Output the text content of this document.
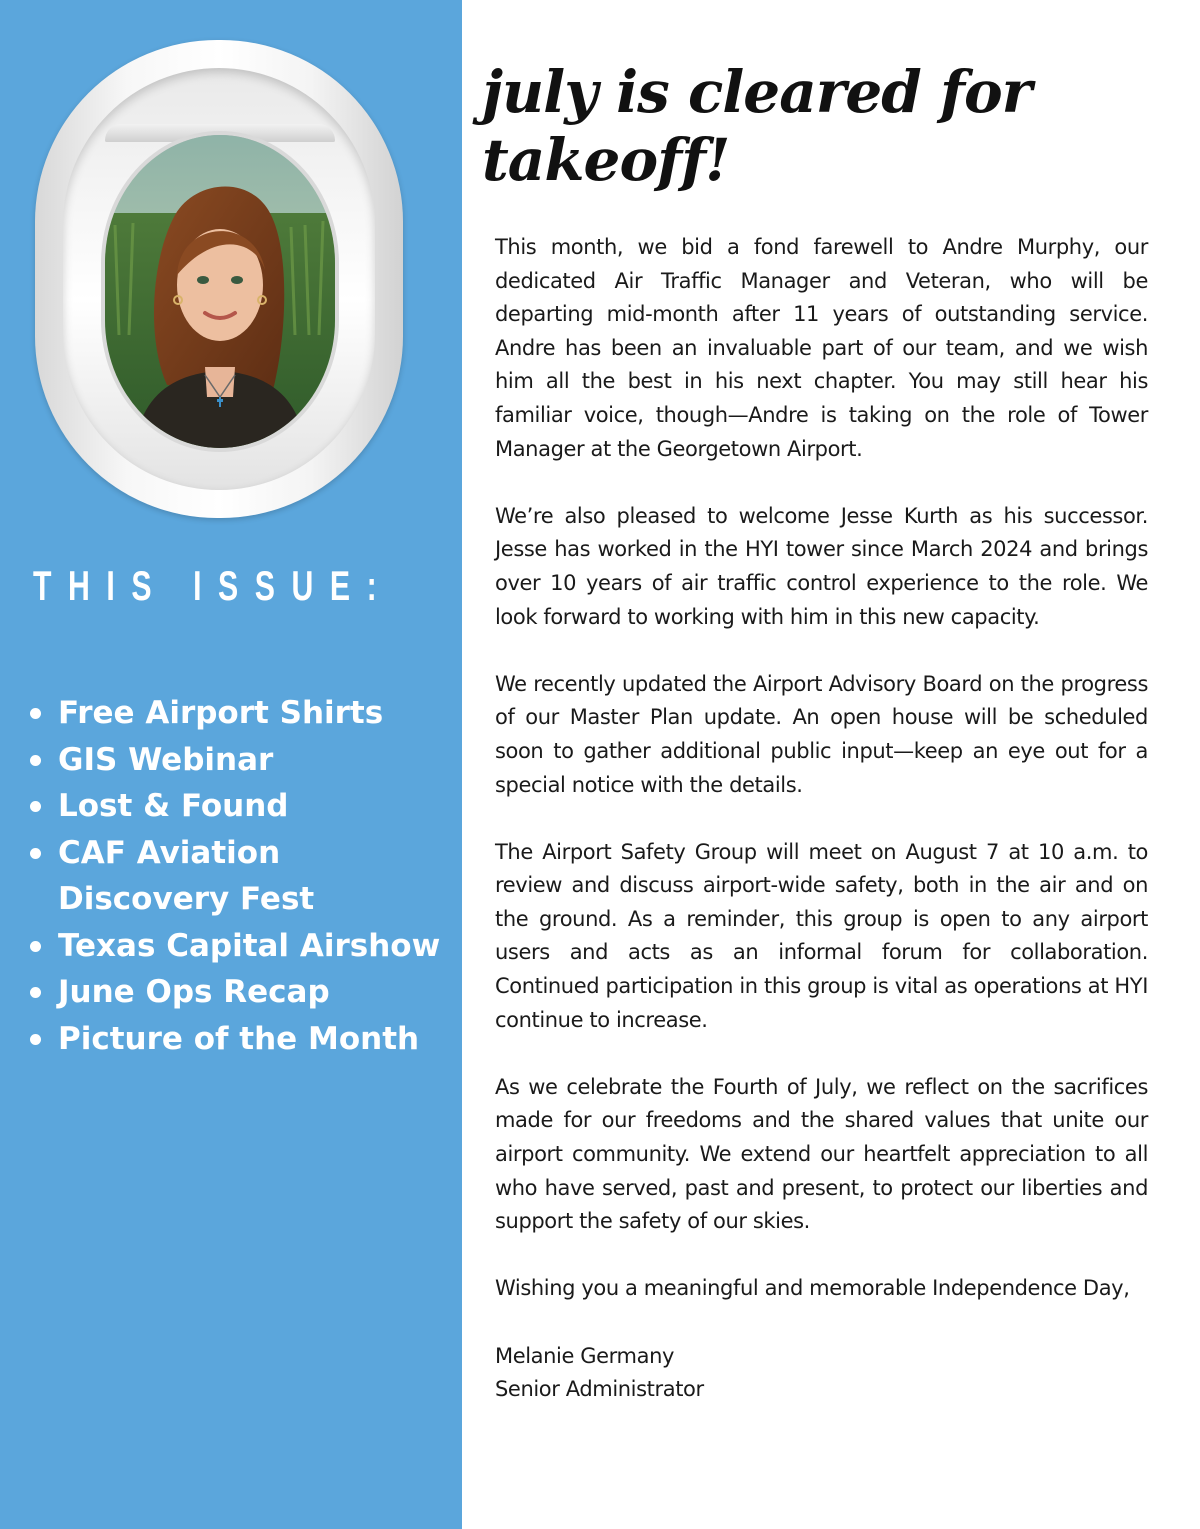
THIS ISSUE:
Free Airport Shirts
GIS Webinar
Lost & Found
CAF Aviation Discovery Fest
Texas Capital Airshow
June Ops Recap
Picture of the Month
july is cleared for takeoff!

This month, we bid a fond farewell to Andre Murphy, our dedicated Air Traffic Manager and Veteran, who will be departing mid-month after 11 years of outstanding service. Andre has been an invaluable part of our team, and we wish him all the best in his next chapter. You may still hear his familiar voice, though—Andre is taking on the role of Tower Manager at the Georgetown Airport.

We’re also pleased to welcome Jesse Kurth as his successor. Jesse has worked in the HYI tower since March 2024 and brings over 10 years of air traffic control experience to the role. We look forward to working with him in this new capacity.

We recently updated the Airport Advisory Board on the progress of our Master Plan update. An open house will be scheduled soon to gather additional public input—keep an eye out for a special notice with the details.

The Airport Safety Group will meet on August 7 at 10 a.m. to review and discuss airport-wide safety, both in the air and on the ground. As a reminder, this group is open to any airport users and acts as an informal forum for collaboration. Continued participation in this group is vital as operations at HYI continue to increase.

As we celebrate the Fourth of July, we reflect on the sacrifices made for our freedoms and the shared values that unite our airport community. We extend our heartfelt appreciation to all who have served, past and present, to protect our liberties and support the safety of our skies.

Wishing you a meaningful and memorable Independence Day,

Melanie Germany
Senior Administrator
